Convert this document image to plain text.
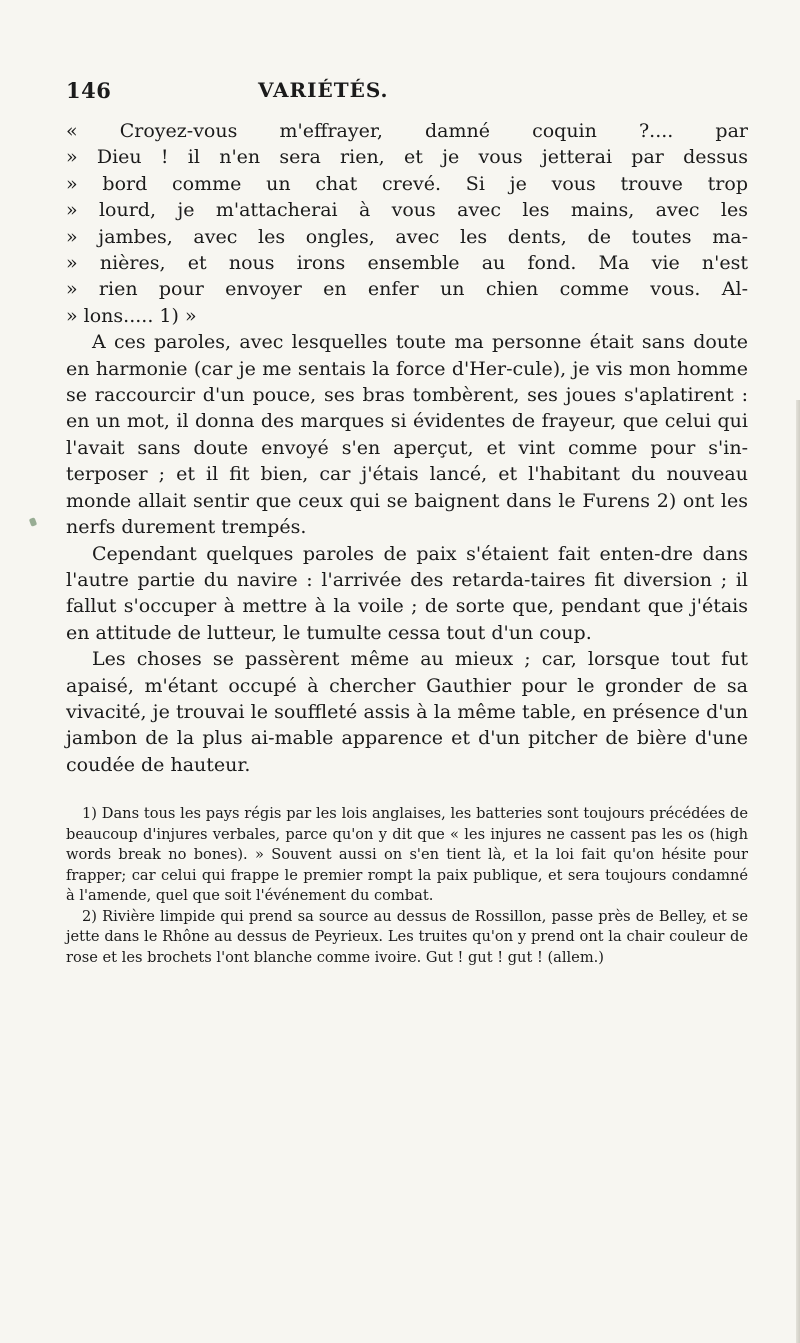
146	VARIÉTÉS.
« Croyez-vous m'effrayer, damné coquin ?.... par
» Dieu ! il n'en sera rien, et je vous jetterai par dessus
» bord comme un chat crevé. Si je vous trouve trop
» lourd, je m'attacherai à vous avec les mains, avec les
» jambes, avec les ongles, avec les dents, de toutes ma-
» nières, et nous irons ensemble au fond. Ma vie n'est
» rien pour envoyer en enfer un chien comme vous. Al-
» lons..... 1) »

A ces paroles, avec lesquelles toute ma personne était sans doute en harmonie (car je me sentais la force d'Her-cule), je vis mon homme se raccourcir d'un pouce, ses bras tombèrent, ses joues s'aplatirent : en un mot, il donna des marques si évidentes de frayeur, que celui qui l'avait sans doute envoyé s'en aperçut, et vint comme pour s'in-terposer ; et il fit bien, car j'étais lancé, et l'habitant du nouveau monde allait sentir que ceux qui se baignent dans le Furens 2) ont les nerfs durement trempés.

Cependant quelques paroles de paix s'étaient fait enten-dre dans l'autre partie du navire : l'arrivée des retarda-taires fit diversion ; il fallut s'occuper à mettre à la voile ; de sorte que, pendant que j'étais en attitude de lutteur, le tumulte cessa tout d'un coup.

Les choses se passèrent même au mieux ; car, lorsque tout fut apaisé, m'étant occupé à chercher Gauthier pour le gronder de sa vivacité, je trouvai le souffleté assis à la même table, en présence d'un jambon de la plus ai-mable apparence et d'un pitcher de bière d'une coudée de hauteur.

1) Dans tous les pays régis par les lois anglaises, les batteries sont toujours précédées de beaucoup d'injures verbales, parce qu'on y dit que « les injures ne cassent pas les os (high words break no bones). » Souvent aussi on s'en tient là, et la loi fait qu'on hésite pour frapper; car celui qui frappe le premier rompt la paix publique, et sera toujours condamné à l'amende, quel que soit l'événement du combat.

2) Rivière limpide qui prend sa source au dessus de Rossillon, passe près de Belley, et se jette dans le Rhône au dessus de Peyrieux. Les truites qu'on y prend ont la chair couleur de rose et les brochets l'ont blanche comme ivoire. Gut ! gut ! gut ! (allem.)
